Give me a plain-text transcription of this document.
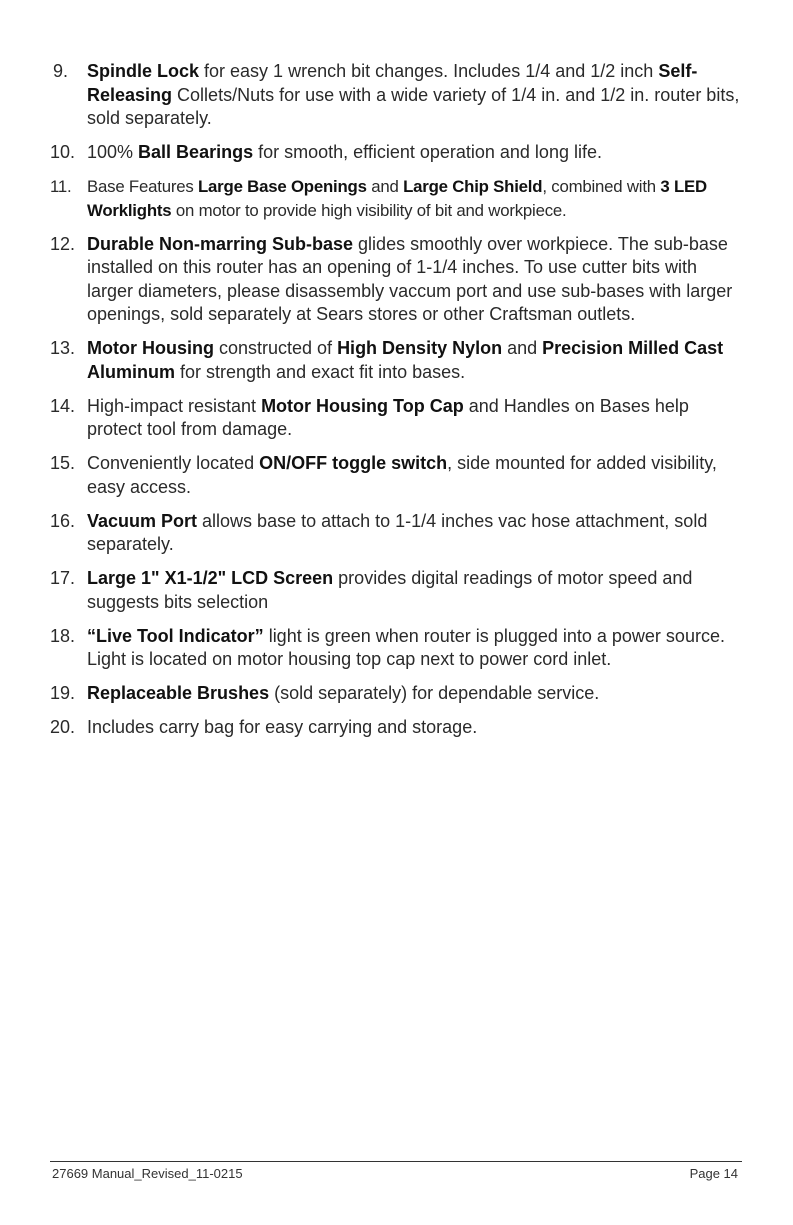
9.	Spindle Lock for easy 1 wrench bit changes. Includes 1/4 and 1/2 inch Self-Releasing Collets/Nuts for use with a wide variety of 1/4 in. and 1/2 in. router bits, sold separately.
10. 100% Ball Bearings for smooth, efficient operation and long life.
11. Base Features Large Base Openings and Large Chip Shield, combined with 3 LED Worklights on motor to provide high visibility of bit and workpiece.
12. Durable Non-marring Sub-base glides smoothly over workpiece. The sub-base installed on this router has an opening of 1-1/4 inches. To use cutter bits with larger diameters, please disassembly vaccum port and use sub-bases with larger openings, sold separately at Sears stores or other Craftsman outlets.
13. Motor Housing constructed of High Density Nylon and Precision Milled Cast Aluminum for strength and exact fit into bases.
14. High-impact resistant Motor Housing Top Cap and Handles on Bases help protect tool from damage.
15. Conveniently located ON/OFF toggle switch, side mounted for added visibility, easy access.
16. Vacuum Port allows base to attach to 1-1/4 inches vac hose attachment, sold separately.
17. Large 1" X1-1/2" LCD Screen provides digital readings of motor speed and suggests bits selection
18. “Live Tool Indicator” light is green when router is plugged into a power source. Light is located on motor housing top cap next to power cord inlet.
19. Replaceable Brushes (sold separately) for dependable service.
20. Includes carry bag for easy carrying and storage.
27669 Manual_Revised_11-0215	Page 14
